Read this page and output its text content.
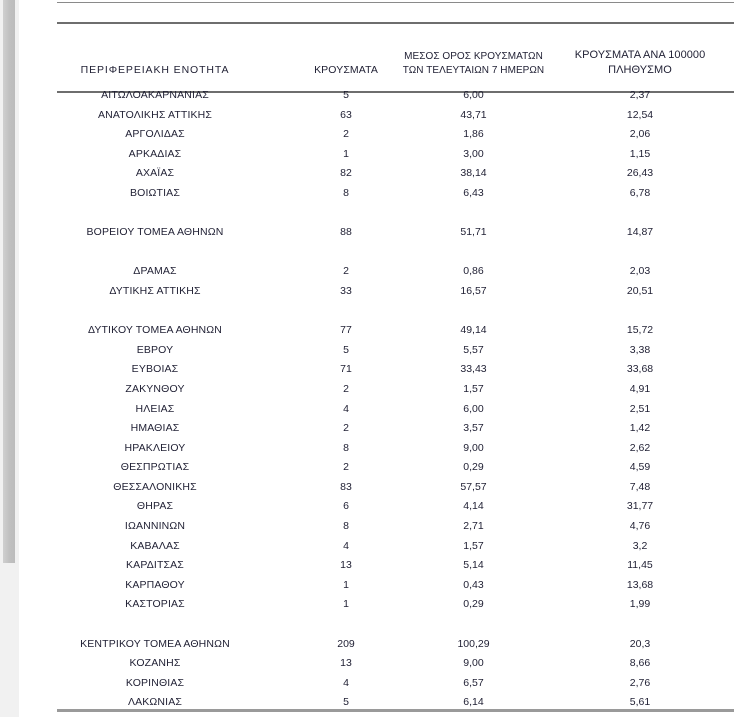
ΠΕΡΙΦΕΡΕΙΑΚΗ ΕΝΟΤΗΤΑ	ΚΡΟΥΣΜΑΤΑ	ΜΕΣΟΣ ΟΡΟΣ ΚΡΟΥΣΜΑΤΩΝ
ΤΩΝ ΤΕΛΕΥΤΑΙΩΝ 7 ΗΜΕΡΩΝ	ΚΡΟΥΣΜΑΤΑ ΑΝΑ 100000
ΠΛΗΘΥΣΜΟ

ΑΙΤΩΛΟΑΚΑΡΝΑΝΙΑΣ	5	6,00	2,37
ΑΝΑΤΟΛΙΚΗΣ ΑΤΤΙΚΗΣ	63	43,71	12,54
ΑΡΓΟΛΙΔΑΣ	2	1,86	2,06
ΑΡΚΑΔΙΑΣ	1	3,00	1,15
ΑΧΑΪΑΣ	82	38,14	26,43
ΒΟΙΩΤΙΑΣ	8	6,43	6,78

ΒΟΡΕΙΟΥ ΤΟΜΕΑ ΑΘΗΝΩΝ	88	51,71	14,87

ΔΡΑΜΑΣ	2	0,86	2,03
ΔΥΤΙΚΗΣ ΑΤΤΙΚΗΣ	33	16,57	20,51

ΔΥΤΙΚΟΥ ΤΟΜΕΑ ΑΘΗΝΩΝ	77	49,14	15,72
ΕΒΡΟΥ	5	5,57	3,38
ΕΥΒΟΙΑΣ	71	33,43	33,68
ΖΑΚΥΝΘΟΥ	2	1,57	4,91
ΗΛΕΙΑΣ	4	6,00	2,51
ΗΜΑΘΙΑΣ	2	3,57	1,42
ΗΡΑΚΛΕΙΟΥ	8	9,00	2,62
ΘΕΣΠΡΩΤΙΑΣ	2	0,29	4,59
ΘΕΣΣΑΛΟΝΙΚΗΣ	83	57,57	7,48
ΘΗΡΑΣ	6	4,14	31,77
ΙΩΑΝΝΙΝΩΝ	8	2,71	4,76
ΚΑΒΑΛΑΣ	4	1,57	3,2
ΚΑΡΔΙΤΣΑΣ	13	5,14	11,45
ΚΑΡΠΑΘΟΥ	1	0,43	13,68
ΚΑΣΤΟΡΙΑΣ	1	0,29	1,99

ΚΕΝΤΡΙΚΟΥ ΤΟΜΕΑ ΑΘΗΝΩΝ	209	100,29	20,3
ΚΟΖΑΝΗΣ	13	9,00	8,66
ΚΟΡΙΝΘΙΑΣ	4	6,57	2,76
ΛΑΚΩΝΙΑΣ	5	6,14	5,61
